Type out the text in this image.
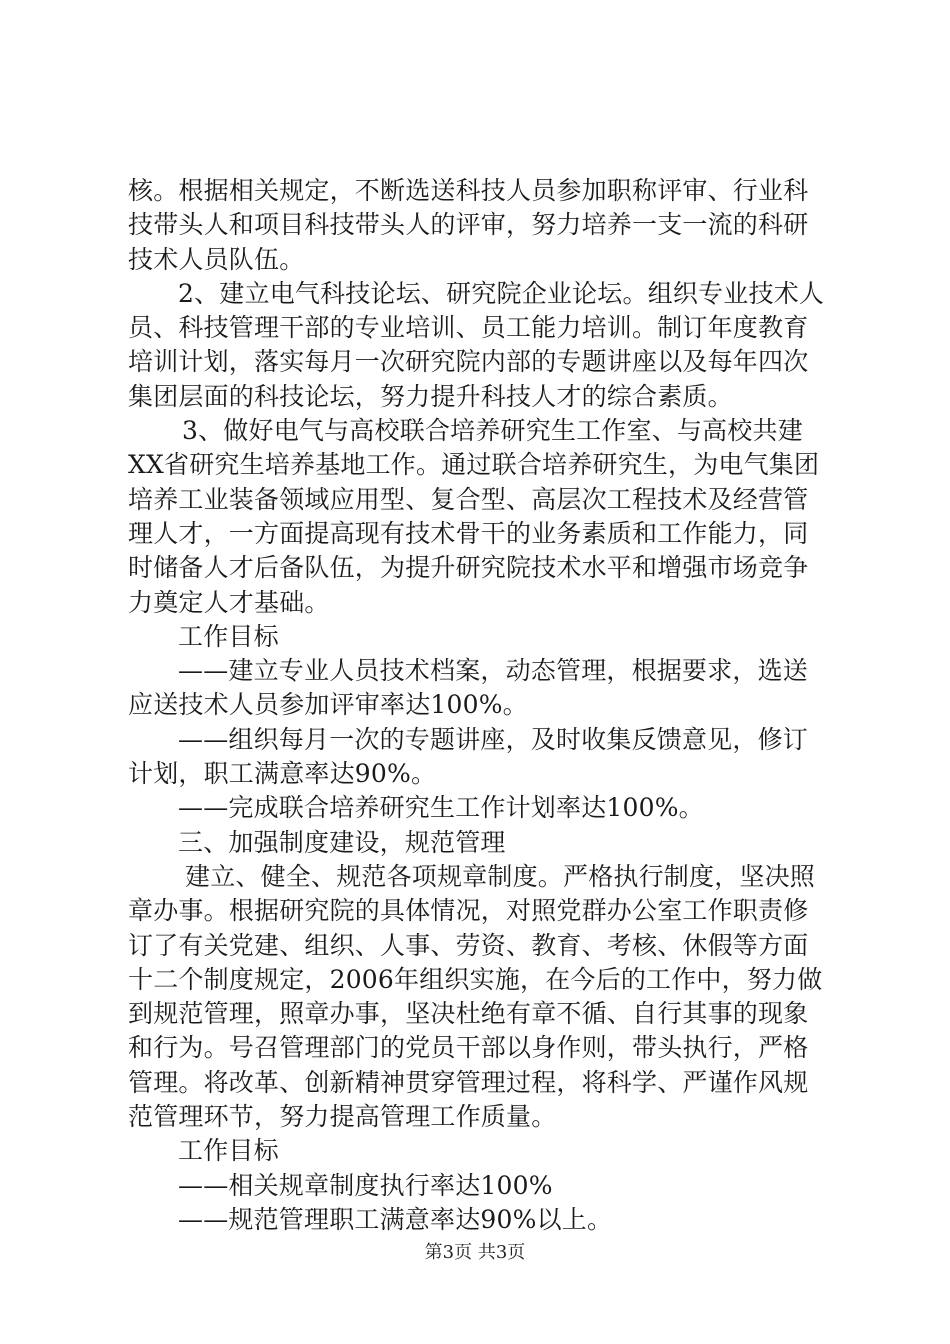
核。根据相关规定，不断选送科技人员参加职称评审、行业科
技带头人和项目科技带头人的评审，努力培养一支一流的科研
技术人员队伍。
2、建立电气科技论坛、研究院企业论坛。组织专业技术人
员、科技管理干部的专业培训、员工能力培训。制订年度教育
培训计划，落实每月一次研究院内部的专题讲座以及每年四次
集团层面的科技论坛，努力提升科技人才的综合素质。
3、做好电气与高校联合培养研究生工作室、与高校共建
XX省研究生培养基地工作。通过联合培养研究生，为电气集团
培养工业装备领域应用型、复合型、高层次工程技术及经营管
理人才，一方面提高现有技术骨干的业务素质和工作能力，同
时储备人才后备队伍，为提升研究院技术水平和增强市场竞争
力奠定人才基础。
工作目标
——建立专业人员技术档案，动态管理，根据要求，选送
应送技术人员参加评审率达100%。
——组织每月一次的专题讲座，及时收集反馈意见，修订
计划，职工满意率达90%。
——完成联合培养研究生工作计划率达100%。
三、加强制度建设，规范管理
建立、健全、规范各项规章制度。严格执行制度，坚决照
章办事。根据研究院的具体情况，对照党群办公室工作职责修
订了有关党建、组织、人事、劳资、教育、考核、休假等方面
十二个制度规定，2006年组织实施，在今后的工作中，努力做
到规范管理，照章办事，坚决杜绝有章不循、自行其事的现象
和行为。号召管理部门的党员干部以身作则，带头执行，严格
管理。将改革、创新精神贯穿管理过程，将科学、严谨作风规
范管理环节，努力提高管理工作质量。
工作目标
——相关规章制度执行率达100%
——规范管理职工满意率达90%以上。
第3页 共3页
